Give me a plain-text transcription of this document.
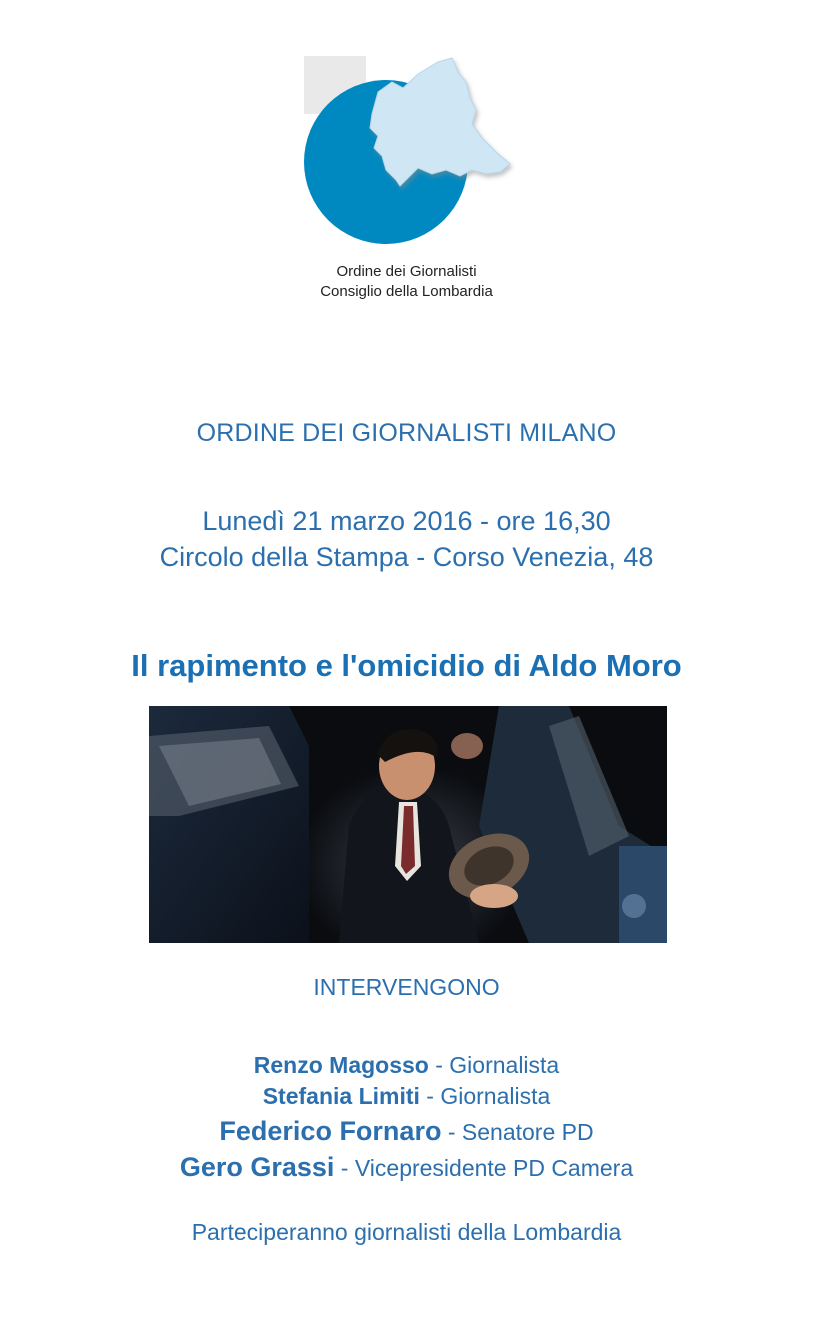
Ordine dei Giornalisti
Consiglio della Lombardia
ORDINE DEI GIORNALISTI MILANO
Lunedì 21 marzo 2016 - ore 16,30
Circolo della Stampa - Corso Venezia, 48
Il rapimento e l'omicidio di Aldo Moro
INTERVENGONO
Renzo Magosso - Giornalista
Stefania Limiti - Giornalista
Federico Fornaro - Senatore PD
Gero Grassi - Vicepresidente PD Camera
Parteciperanno giornalisti della Lombardia
